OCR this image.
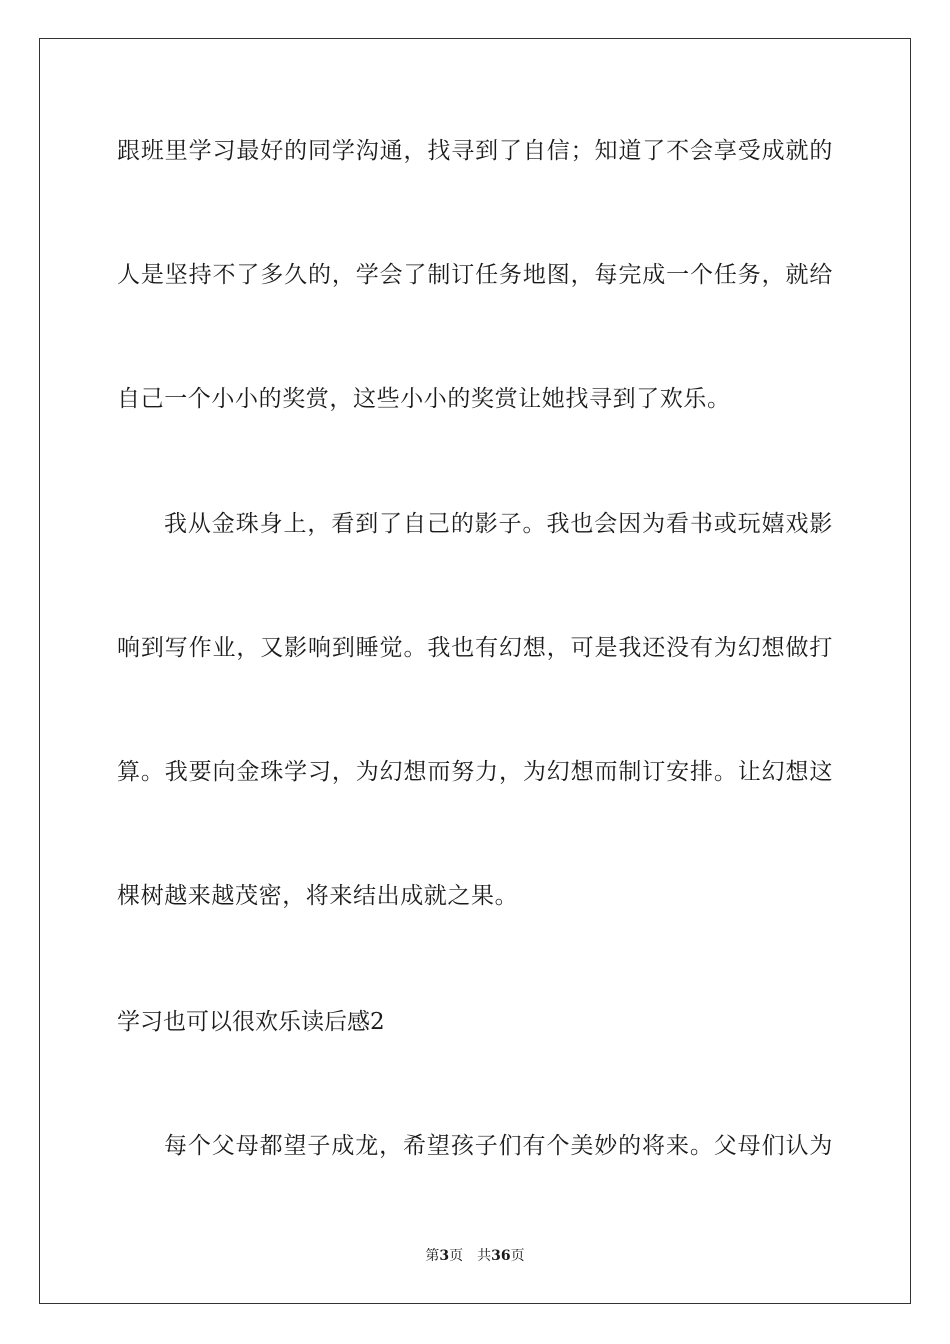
跟班里学习最好的同学沟通，找寻到了自信；知道了不会享受成就的
人是坚持不了多久的，学会了制订任务地图，每完成一个任务，就给
自己一个小小的奖赏，这些小小的奖赏让她找寻到了欢乐。
我从金珠身上，看到了自己的影子。我也会因为看书或玩嬉戏影
响到写作业，又影响到睡觉。我也有幻想，可是我还没有为幻想做打
算。我要向金珠学习，为幻想而努力，为幻想而制订安排。让幻想这
棵树越来越茂密，将来结出成就之果。
学习也可以很欢乐读后感2
每个父母都望子成龙，希望孩子们有个美妙的将来。父母们认为
第3页 共36页
